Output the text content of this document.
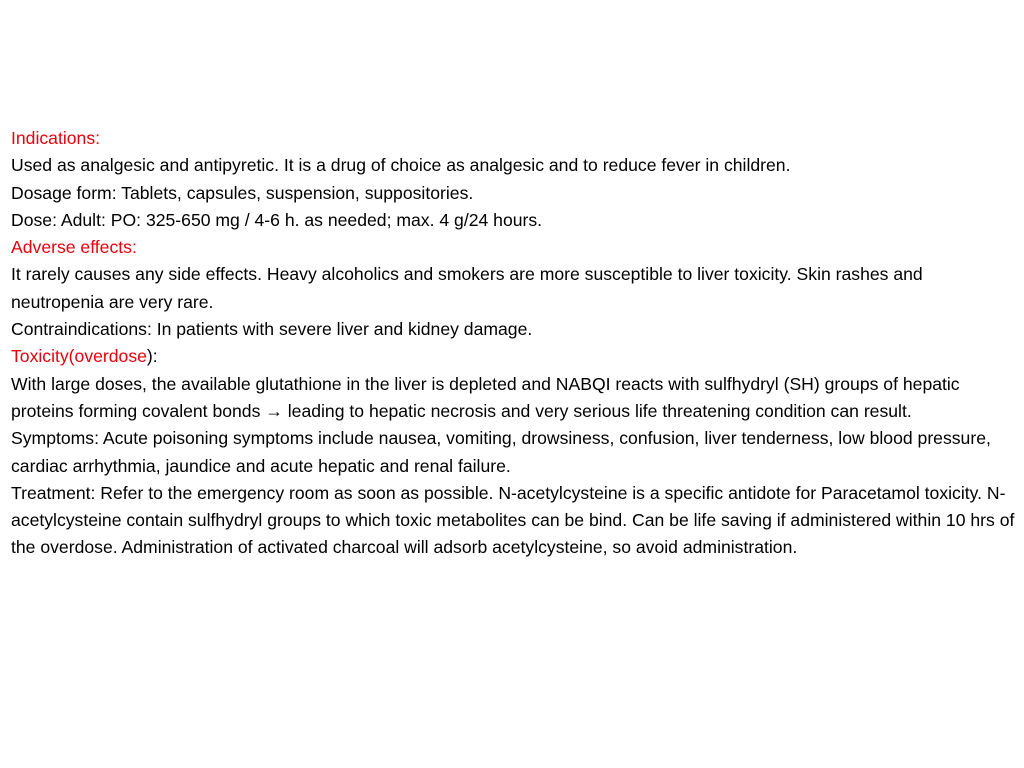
Indications:

Used as analgesic and antipyretic. It is a drug of choice as analgesic and to reduce fever in children.

Dosage form: Tablets, capsules, suspension, suppositories.

Dose: Adult: PO: 325-650 mg / 4-6 h. as needed; max. 4 g/24 hours.

Adverse effects:

It rarely causes any side effects. Heavy alcoholics and smokers are more susceptible to liver toxicity. Skin rashes and neutropenia are very rare.

Contraindications: In patients with severe liver and kidney damage.

Toxicity(overdose):

With large doses, the available glutathione in the liver is depleted and NABQI reacts with sulfhydryl (SH) groups of hepatic proteins forming covalent bonds → leading to hepatic necrosis and very serious life threatening condition can result.

Symptoms: Acute poisoning symptoms include nausea, vomiting, drowsiness, confusion, liver tenderness, low blood pressure, cardiac arrhythmia, jaundice and acute hepatic and renal failure.

Treatment: Refer to the emergency room as soon as possible. N-acetylcysteine is a specific antidote for Paracetamol toxicity. N-acetylcysteine contain sulfhydryl groups to which toxic metabolites can be bind. Can be life saving if administered within 10 hrs of the overdose. Administration of activated charcoal will adsorb acetylcysteine, so avoid administration.
